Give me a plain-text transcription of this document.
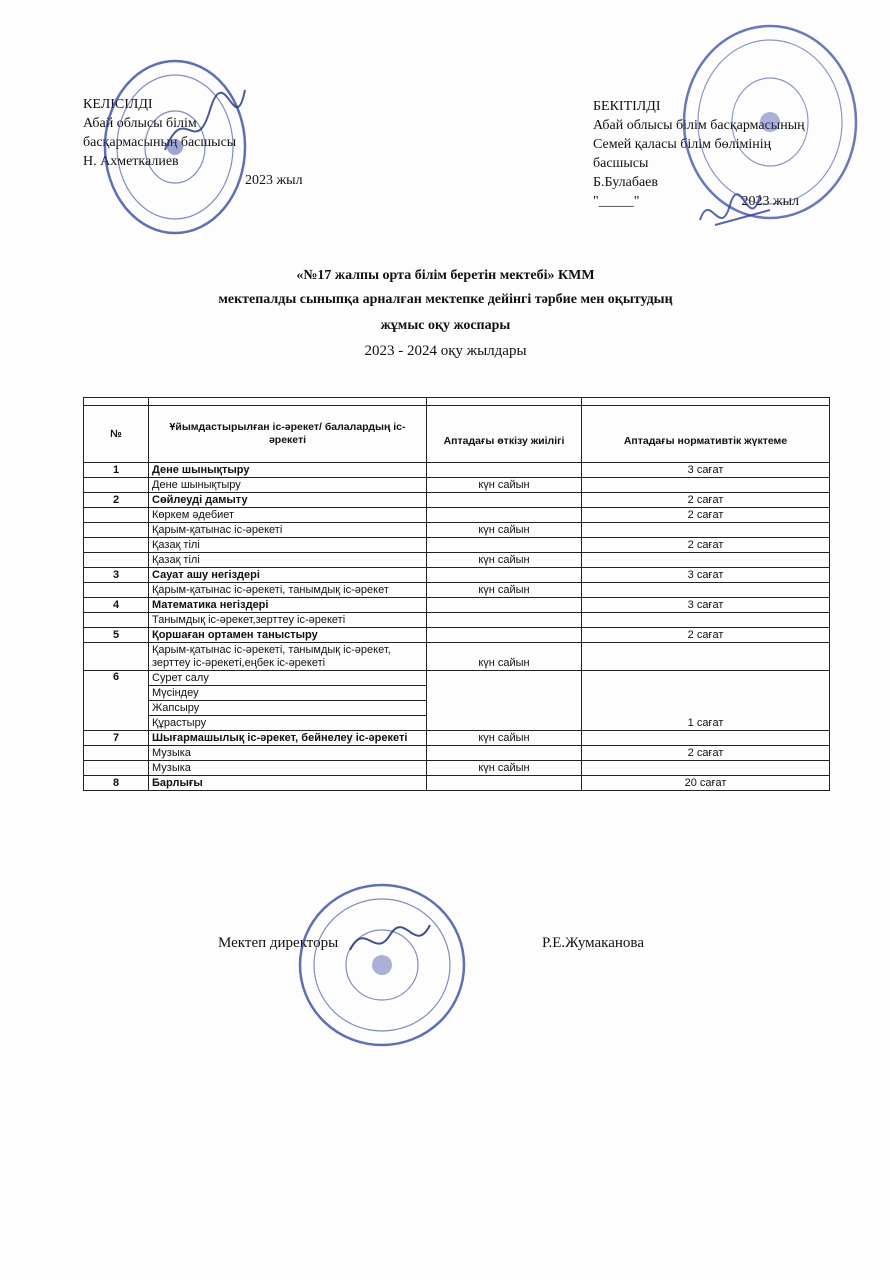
КЕЛІСІЛДІ
Абай облысы білім
басқармасының басшысы
Н. Ахметкалиев
2023 жыл
БЕКІТІЛДІ
Абай облысы білім басқармасының
Семей қаласы білім бөлімінің
басшысы
Б.Булабаев
"_____"	2023 жыл
«№17 жалпы орта білім беретін мектебі» КММ
мектепалды сыныпқа арналған мектепке дейінгі тәрбие мен оқытудың
жұмыс оқу жоспары
2023 - 2024 оқу жылдары

№	Ұйымдастырылған іс-әрекет/ балалардың іс-әрекеті	Аптадағы өткізу жиілігі	Аптадағы нормативтік жүктеме
1	Дене шынықтыру		3 сағат
	Дене шынықтыру	күн сайын	
2	Сөйлеуді дамыту		2 сағат
	Көркем әдебиет		2 сағат
	Қарым-қатынас іс-әрекеті	күн сайын	
	Қазақ тілі		2 сағат
	Қазақ тілі	күн сайын	
3	Сауат ашу негіздері		3 сағат
	Қарым-қатынас іс-әрекеті, танымдық іс-әрекет	күн сайын	
4	Математика негіздері		3 сағат
	Танымдық іс-әрекет,зерттеу іс-әрекеті		
5	Қоршаған ортамен таныстыру		2 сағат
	Қарым-қатынас іс-әрекеті, танымдық іс-әрекет, зерттеу іс-әрекеті,еңбек іс-әрекеті	күн сайын	
6	Сурет салу		1 сағат
	Мүсіндеу		
	Жапсыру		
	Құрастыру		
7	Шығармашылық іс-әрекет, бейнелеу іс-әрекеті	күн сайын	
	Музыка		2 сағат
	Музыка	күн сайын	
8	Барлығы		20 сағат
Мектеп директоры	Р.Е.Жумаканова
